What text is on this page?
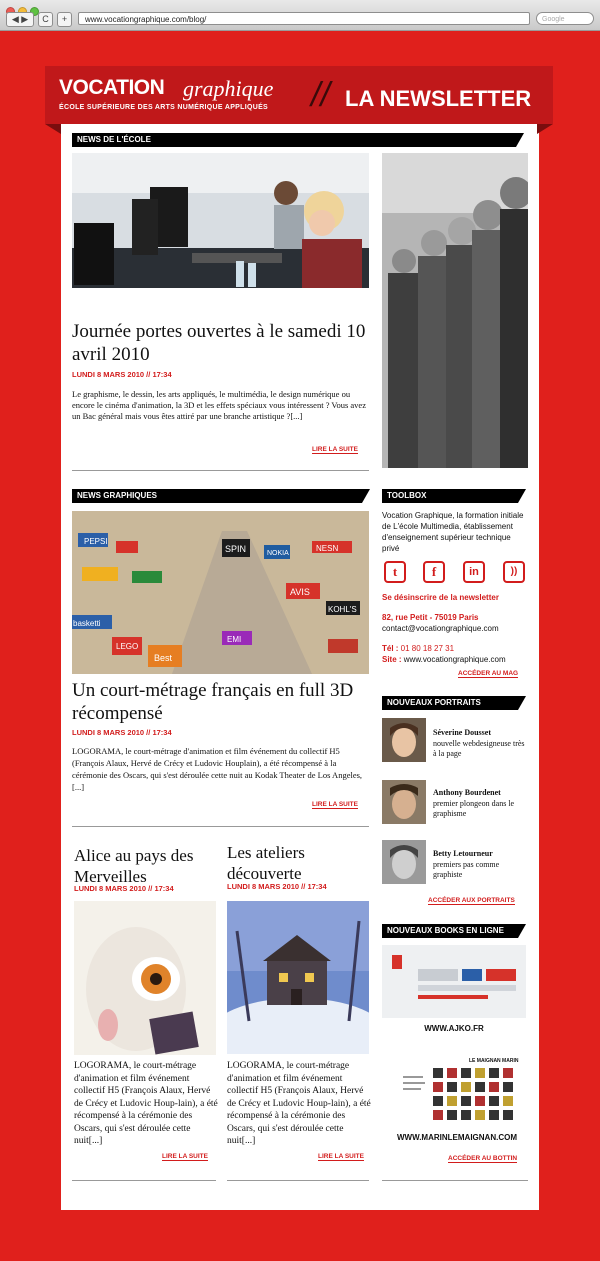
◀ ▶	C	+	www.vocationgraphique.com/blog/	Google
VOCATION graphique
ÉCOLE SUPÉRIEURE DES ARTS NUMÉRIQUE APPLIQUÉS // LA NEWSLETTER
NEWS DE L'ÉCOLE
Journée portes ouvertes à le samedi 10 avril 2010
LUNDI 8 MARS 2010 // 17:34
Le graphisme, le dessin, les arts appliqués, le multimédia, le design numérique ou encore le cinéma d'animation, la 3D et les effets spéciaux vous intéressent ? Vous avez un Bac général mais vous êtes attiré par une branche artistique ?[...]
LIRE LA SUITE
NEWS GRAPHIQUES
PEPSI
SPIN	NOKIA
AVIS
KOHL'S
basketti
EMI
Best
LEGO
NESN
Un court-métrage français en full 3D récompensé
LUNDI 8 MARS 2010 // 17:34
LOGORAMA, le court-métrage d'animation et film événement du collectif H5 (François Alaux, Hervé de Crécy et Ludovic Houplain), a été récompensé à la cérémonie des Oscars, qui s'est déroulée cette nuit au Kodak Theater de Los Angeles,[...]
LIRE LA SUITE
Alice au pays des Merveilles
LUNDI 8 MARS 2010 // 17:34
LOGORAMA, le court-métrage d'animation et film événement collectif H5 (François Alaux, Hervé de Crécy et Ludovic Houp-lain), a été récompensé à la cérémonie des Oscars, qui s'est déroulée cette nuit[...]
LIRE LA SUITE
Les ateliers découverte
LUNDI 8 MARS 2010 // 17:34
LOGORAMA, le court-métrage d'animation et film événement collectif H5 (François Alaux, Hervé de Crécy et Ludovic Houp-lain), a été récompensé à la cérémonie des Oscars, qui s'est déroulée cette nuit[...]
LIRE LA SUITE
TOOLBOX
Vocation Graphique, la formation initiale de L'école Multimedia, établissement d'enseignement supérieur technique privé
t	f	in	))
Se désinscrire de la newsletter
82, rue Petit - 75019 Paris
contact@vocationgraphique.com
Tél : 01 80 18 27 31
Site : www.vocationgraphique.com
ACCÉDER AU MAG
NOUVEAUX PORTRAITS
Séverine Dousset
nouvelle webdesigneuse très à la page
Anthony Bourdenet
premier plongeon dans le graphisme
Betty Letourneur
premiers pas comme graphiste
ACCÉDER AUX PORTRAITS
NOUVEAUX BOOKS EN LIGNE
WWW.AJKO.FR
LE MAIGNAN MARIN
WWW.MARINLEMAIGNAN.COM
ACCÉDER AU BOTTIN
